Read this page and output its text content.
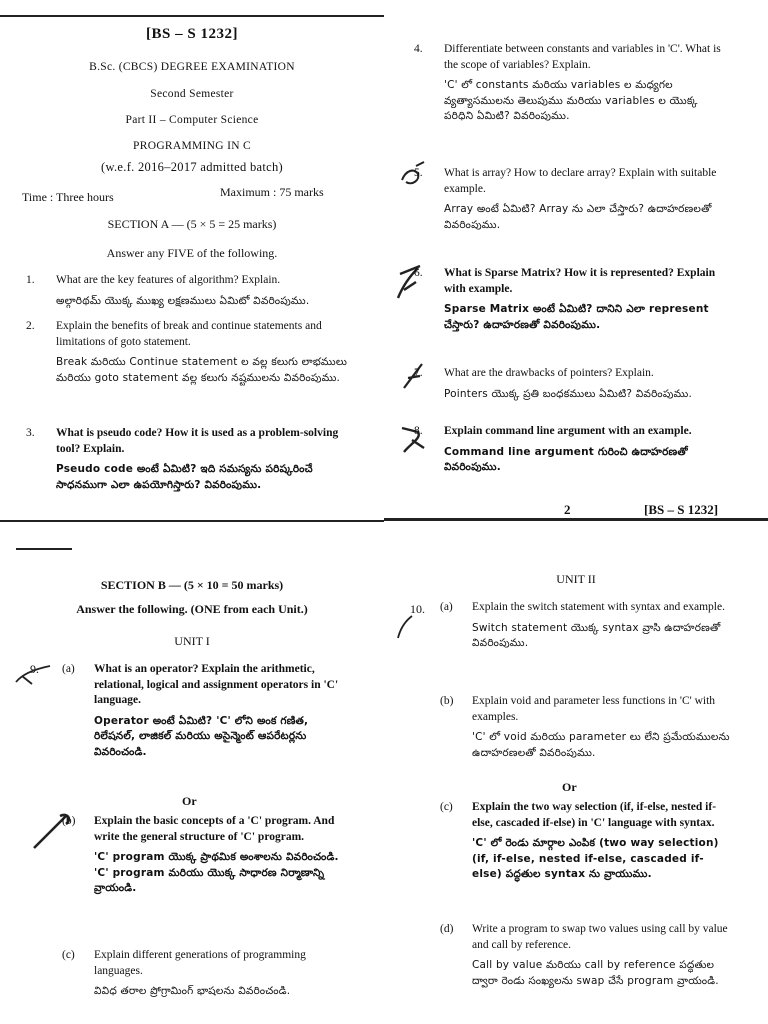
[BS – S 1232]
B.Sc. (CBCS) DEGREE EXAMINATION
Second Semester
Part II – Computer Science
PROGRAMMING IN C
(w.e.f. 2016–2017 admitted batch)
Time : Three hours	Maximum : 75 marks
SECTION A — (5 × 5 = 25 marks)
Answer any FIVE of the following.
1. What are the key features of algorithm? Explain.

అల్గారిథమ్ యొక్క ముఖ్య లక్షణములు ఏమిటో వివరింపుము.

2. Explain the benefits of break and continue statements and limitations of goto statement.

Break మరియు Continue statement ల వల్ల కలుగు లాభములు మరియు goto statement వల్ల కలుగు నష్టములను వివరింపుము.

3. What is pseudo code? How it is used as a problem-solving tool? Explain.

Pseudo code అంటే ఏమిటి? ఇది సమస్యను పరిష్కరించే సాధనముగా ఎలా ఉపయోగిస్తారు? వివరింపుము.

4. Differentiate between constants and variables in 'C'. What is the scope of variables? Explain.

'C' లో constants మరియు variables ల మధ్యగల వ్యత్యాసములను తెలుపుము మరియు variables ల యొక్క పరిధిని ఏమిటి? వివరింపుము.

5. What is array? How to declare array? Explain with suitable example.

Array అంటే ఏమిటి? Array ను ఎలా చేస్తారు? ఉదాహరణలతో వివరింపుము.

6. What is Sparse Matrix? How it is represented? Explain with example.

Sparse Matrix అంటే ఏమిటి? దానిని ఎలా represent చేస్తారు? ఉదాహరణతో వివరింపుము.

7. What are the drawbacks of pointers? Explain.

Pointers యొక్క ప్రతి బంధకములు ఏమిటి? వివరింపుము.

8. Explain command line argument with an example.

Command line argument గురించి ఉదాహరణతో వివరింపుము.

2	[BS – S 1232]
SECTION B — (5 × 10 = 50 marks)
Answer the following. (ONE from each Unit.)
UNIT I
9. (a) What is an operator? Explain the arithmetic, relational, logical and assignment operators in 'C' language.

Operator అంటే ఏమిటి? 'C' లోని అంక గణిత, రిలేషనల్, లాజికల్ మరియు అసైన్మెంట్ ఆపరేటర్లను వివరించండి.

Or
(b) Explain the basic concepts of a 'C' program. And write the general structure of 'C' program.

'C' program యొక్క ప్రాథమిక అంశాలను వివరించండి. 'C' program మరియు యొక్క సాధారణ నిర్మాణాన్ని వ్రాయండి.

(c) Explain different generations of programming languages.

వివిధ తరాల ప్రోగ్రామింగ్ భాషలను వివరించండి.

UNIT II
10. (a) Explain the switch statement with syntax and example.

Switch statement యొక్క syntax వ్రాసి ఉదాహరణతో వివరింపుము.

(b) Explain void and parameter less functions in 'C' with examples.

'C' లో void మరియు parameter లు లేని ప్రమేయములను ఉదాహరణలతో వివరింపుము.

Or
(c) Explain the two way selection (if, if-else, nested if-else, cascaded if-else) in 'C' language with syntax.

'C' లో రెండు మార్గాల ఎంపిక (two way selection) (if, if-else, nested if-else, cascaded if-else) పద్ధతుల syntax ను వ్రాయుము.

(d) Write a program to swap two values using call by value and call by reference.

Call by value మరియు call by reference పద్ధతుల ద్వారా రెండు సంఖ్యలను swap చేసే program వ్రాయండి.
